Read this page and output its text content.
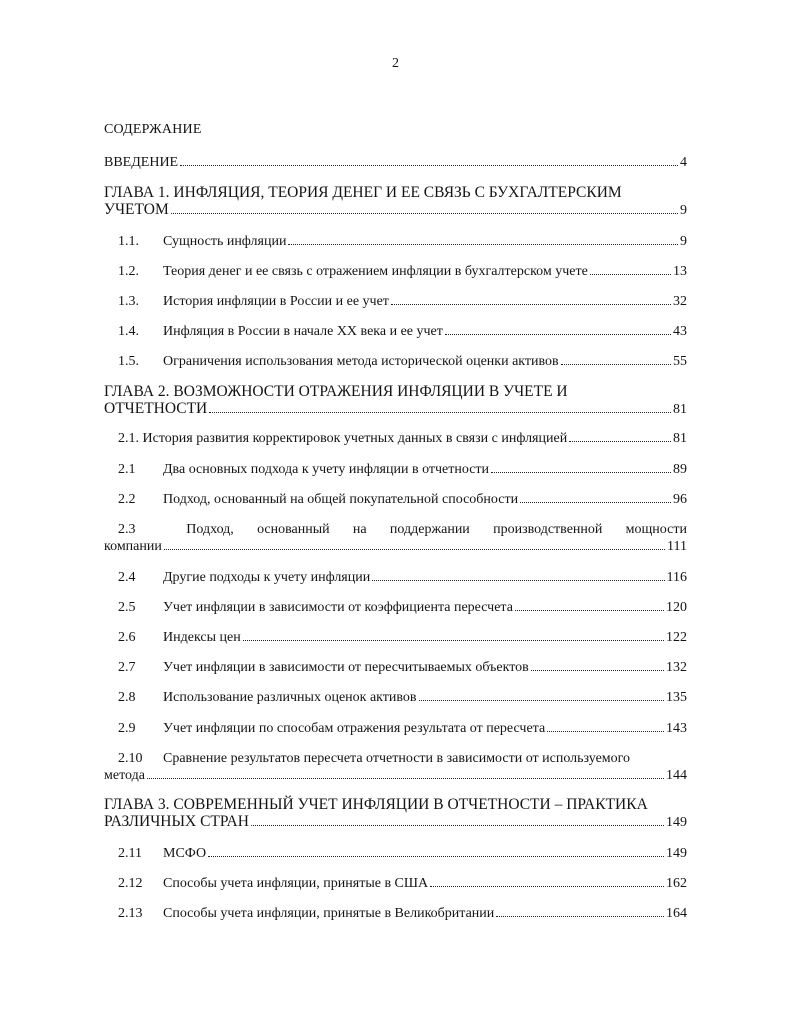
2
СОДЕРЖАНИЕ
ВВЕДЕНИЕ	4
ГЛАВА 1. ИНФЛЯЦИЯ, ТЕОРИЯ ДЕНЕГ И ЕЕ СВЯЗЬ С БУХГАЛТЕРСКИМ
УЧЕТОМ	9
1.1.	Сущность инфляции	9
1.2.	Теория денег и ее связь с отражением инфляции в бухгалтерском учете	13
1.3.	История инфляции в России и ее учет	32
1.4.	Инфляция в России в начале XX века и ее учет	43
1.5.	Ограничения использования метода исторической оценки активов	55
ГЛАВА 2. ВОЗМОЖНОСТИ ОТРАЖЕНИЯ ИНФЛЯЦИИ В УЧЕТЕ И
ОТЧЕТНОСТИ	81
2.1. История развития корректировок учетных данных в связи с инфляцией	81
2.1	Два основных подхода к учету инфляции в отчетности	89
2.2	Подход, основанный на общей покупательной способности	96
2.3	Подход, основанный на поддержании производственной мощности
компании	111
2.4	Другие подходы к учету инфляции	116
2.5	Учет инфляции в зависимости от коэффициента пересчета	120
2.6	Индексы цен	122
2.7	Учет инфляции в зависимости от пересчитываемых объектов	132
2.8	Использование различных оценок активов	135
2.9	Учет инфляции по способам отражения результата от пересчета	143
2.10	Сравнение результатов пересчета отчетности в зависимости от используемого
метода	144
ГЛАВА 3. СОВРЕМЕННЫЙ УЧЕТ ИНФЛЯЦИИ В ОТЧЕТНОСТИ – ПРАКТИКА
РАЗЛИЧНЫХ СТРАН	149
2.11	МСФО	149
2.12	Способы учета инфляции, принятые в США	162
2.13	Способы учета инфляции, принятые в Великобритании	164
